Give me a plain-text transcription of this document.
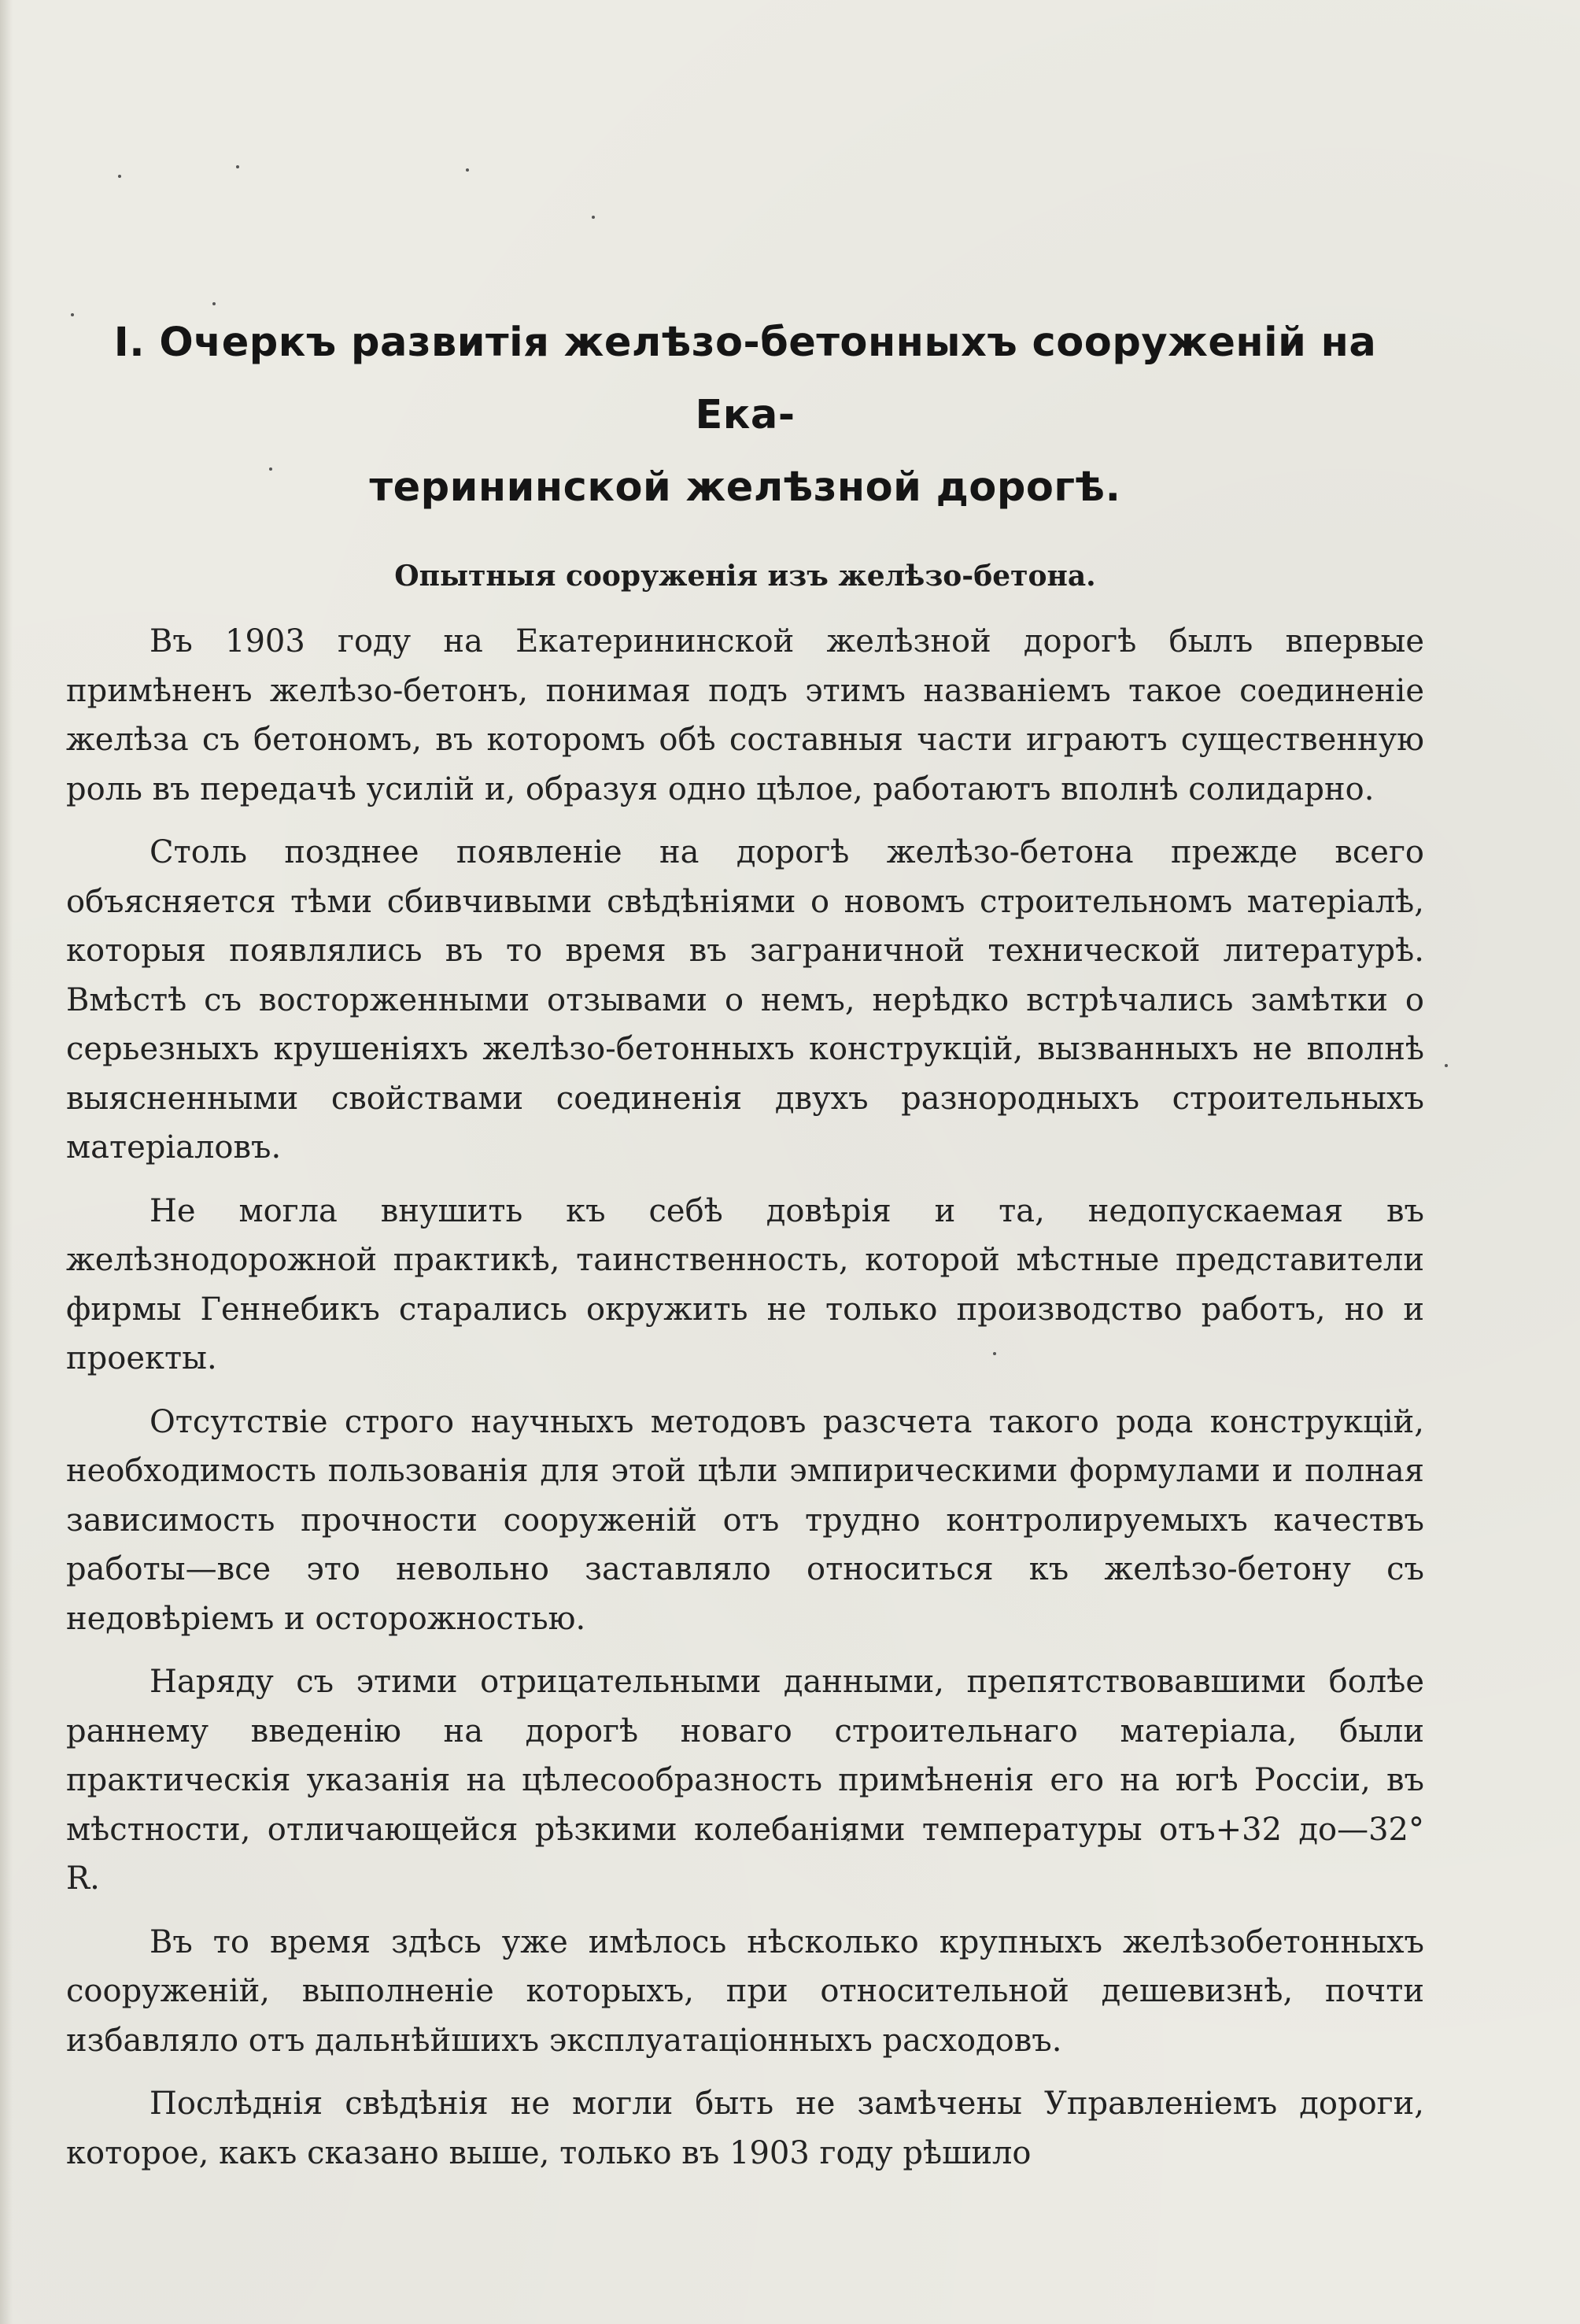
I. Очеркъ развитія желѣзо-бетонныхъ сооруженій на Ека-
терининской желѣзной дорогѣ.
Опытныя сооруженія изъ желѣзо-бетона.

Въ 1903 году на Екатерининской желѣзной дорогѣ былъ впервые примѣненъ желѣзо-бетонъ, понимая подъ этимъ названіемъ такое соединеніе желѣза съ бетономъ, въ которомъ обѣ составныя части играютъ существенную роль въ передачѣ усилій и, образуя одно цѣлое, работаютъ вполнѣ солидарно.

Столь позднее появленіе на дорогѣ желѣзо-бетона прежде всего объясняется тѣми сбивчивыми свѣдѣніями о новомъ строительномъ матеріалѣ, которыя появлялись въ то время въ заграничной технической литературѣ. Вмѣстѣ съ восторженными отзывами о немъ, нерѣдко встрѣчались замѣтки о серьезныхъ крушеніяхъ желѣзо-бетонныхъ конструкцій, вызванныхъ не вполнѣ выясненными свойствами соединенія двухъ разнородныхъ строительныхъ матеріаловъ.

Не могла внушить къ себѣ довѣрія и та, недопускаемая въ желѣзнодорожной практикѣ, таинственность, которой мѣстные представители фирмы Геннебикъ старались окружить не только производство работъ, но и проекты.

Отсутствіе строго научныхъ методовъ разсчета такого рода конструкцій, необходимость пользованія для этой цѣли эмпирическими формулами и полная зависимость прочности сооруженій отъ трудно контролируемыхъ качествъ работы—все это невольно заставляло относиться къ желѣзо-бетону съ недовѣріемъ и осторожностью.

Наряду съ этими отрицательными данными, препятствовавшими болѣе раннему введенію на дорогѣ новаго строительнаго матеріала, были практическія указанія на цѣлесообразность примѣненія его на югѣ Россіи, въ мѣстности, отличающейся рѣзкими колебаніями температуры отъ+32 до—32° R.

Въ то время здѣсь уже имѣлось нѣсколько крупныхъ желѣзобетонныхъ сооруженій, выполненіе которыхъ, при относительной дешевизнѣ, почти избавляло отъ дальнѣйшихъ эксплуатаціонныхъ расходовъ.

Послѣднія свѣдѣнія не могли быть не замѣчены Управленіемъ дороги, которое, какъ сказано выше, только въ 1903 году рѣшило
